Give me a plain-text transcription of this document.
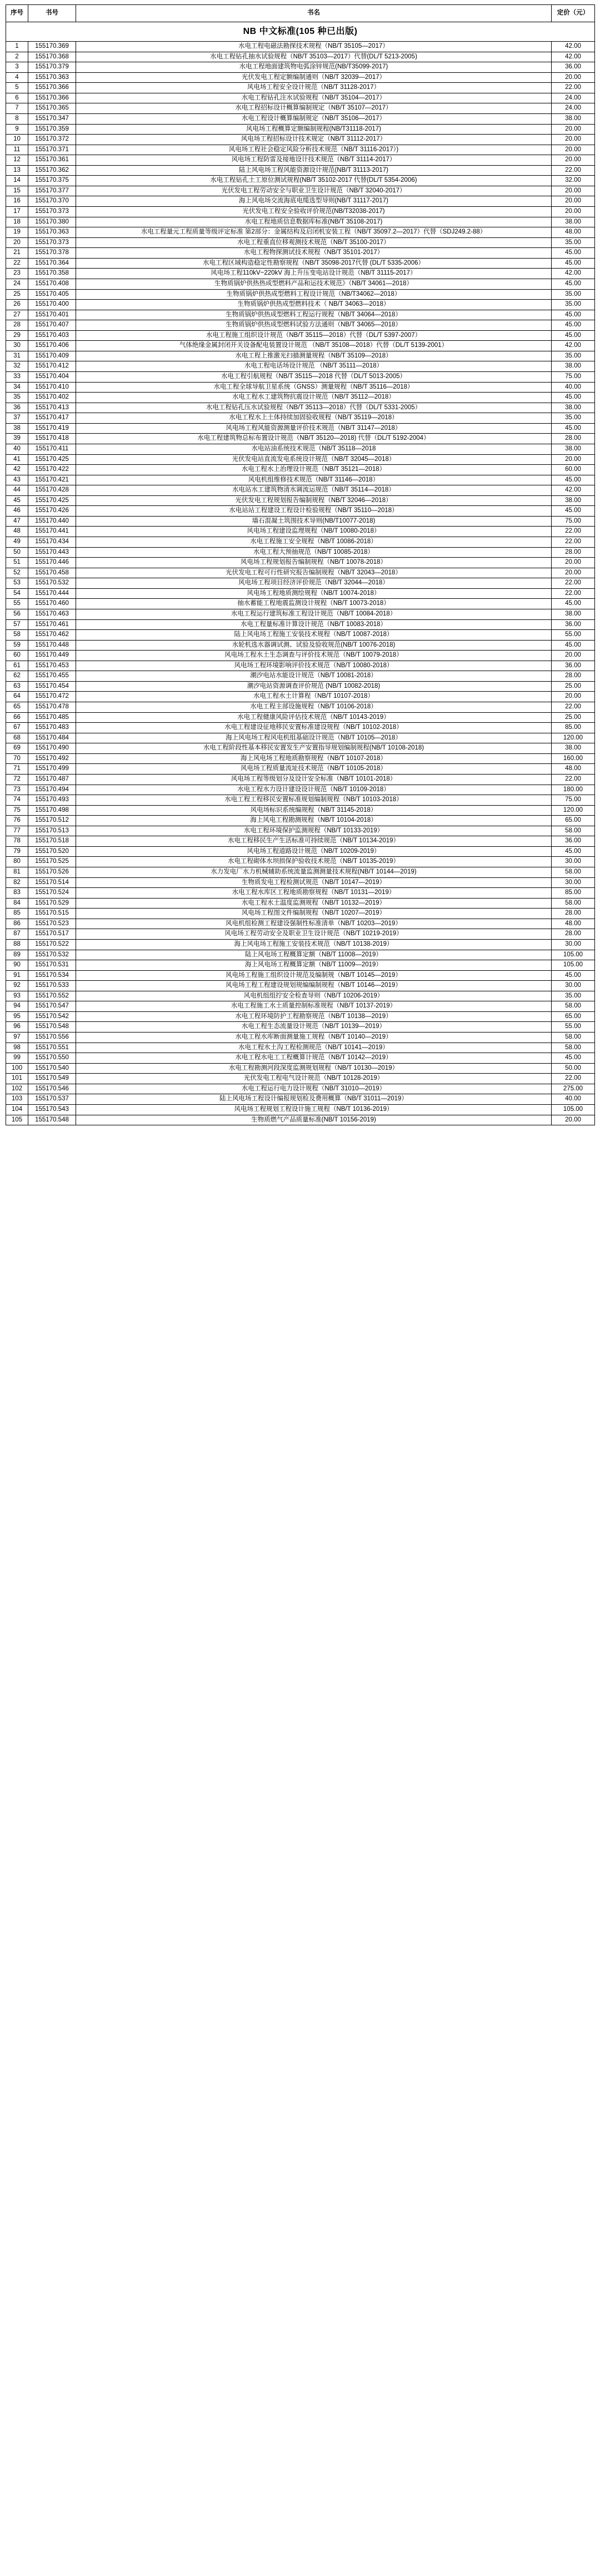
序号	书号	书名	定价（元）
NB 中文标准(105 种已出版)			
1	155170.369	水电工程电磁法勘探技术规程（NB/T 35105—2017）	42.00
2	155170.368	水电工程钻孔抽水试验规程（NB/T 35103—2017）代替(DL/T 5213-2005)	42.00
3	155170.379	水电工程地面建筑物电弧涂锌规范(NB/T35099-2017)	36.00
4	155170.363	光伏发电工程定额编制通则（NB/T 32039—2017）	20.00
5	155170.366	风电场工程安全设计规范（NB/T 31128-2017）	22.00
6	155170.366	水电工程钻孔注水试验规程（NB/T 35104—2017）	24.00
7	155170.365	水电工程招标设计概算编制规定（NB/T 35107—2017）	24.00
8	155170.347	水电工程设计概算编制规定（NB/T 35106—2017）	38.00
9	155170.359	风电场工程概算定额编制规程(NB/T31118-2017)	20.00
10	155170.372	风电场工程招标设计技术规定（NB/T 31112-2017）	20.00
11	155170.371	风电场工程社会稳定风险分析技术规范（NB/T 31116-2017）)	20.00
12	155170.361	风电场工程防雷及接地设计技术规范（NB/T 31114-2017）	20.00
13	155170.362	陆上风电场工程风能资源设计规范(NB/T 31113-2017)	22.00
14	155170.375	水电工程钻孔土工原位测试规程(NB/T 35102-2017 代替(DL/T 5354-2006)	32.00
15	155170.377	光伏发电工程劳动安全与职业卫生设计规范（NB/T 32040-2017）	20.00
16	155170.370	海上风电场交流海底电缆选型导则(NB/T 31117-2017)	20.00
17	155170.373	光伏发电工程安全验收评价规范(NB/T32038-2017)	20.00
18	155170.380	水电工程地质信息数据库标准(NB/T 35108-2017)	38.00
19	155170.363	水电工程量元工程质量等级评定标准 第2部分：金属结构及启闭机安装工程（NB/T 35097.2—2017）代替（SDJ249.2-88）	48.00
20	155170.373	水电工程重直位移观测技术规范（NB/T 35100-2017）	35.00
21	155170.378	水电工程物探测试技术规程（NB/T 35101-2017）	45.00
22	155170.364	水电工程区域构造稳定性勘察规程（NB/T 35098-2017代替 (DL/T 5335-2006）	45.00
23	155170.358	风电场工程110kV~220kV 海上升压变电站设计规范（NB/T 31115-2017）	42.00
24	155170.408	生物质锅炉供热热成型燃料产品和运技术规范》（NB/T 34061—2018）	45.00
25	155170.405	生物质锅炉供热成型燃料工程设计规范（NB/T34062—2018）	35.00
26	155170.400	生物质锅炉供热成型燃料技术（ NB/T 34063—2018）	35.00
27	155170.401	生物质锅炉供热成型燃料工程运行规程（NB/T 34064—2018）	45.00
28	155170.407	生物质锅炉供热成型燃料试验方法通则（NB/T 34065—2018）	45.00
29	155170.403	水电工程施工组织设计规范（NB/T 35115—2018）代替（DL/T 5397-2007）	45.00
30	155170.406	气体绝缘金属封闭开关设备配电装置设计规范 （NB/T 35108—2018）代替（DL/T 5139-2001）	42.00
31	155170.409	水电工程上推激光扫描测量规程（NB/T 35109—2018）	35.00
32	155170.412	水电工程电话场设计规范 （NB/T 35111—2018）	38.00
33	155170.404	水电工程引航规程（NB/T 35115—2018 代替（DL/T 5013-2005）	75.00
34	155170.410	水电工程全球导航卫星系统（GNSS）测量规程（NB/T 35116—2018）	40.00
35	155170.402	水电工程水工建筑物抗震设计规范（NB/T 35112—2018）	45.00
36	155170.413	水电工程钻孔压水试验规程（NB/T 35113—2018）代替（DL/T 5331-2005）	38.00
37	155170.417	水电工程水上土体持续加固验收规程（NB/T 35119—2018）	35.00
38	155170.419	风电场工程风能资源测量评价技术规范（NB/T 31147—2018）	45.00
39	155170.418	水电工程建筑物总标布置设计规范（NB/T 35120—2018) 代替（DL/T 5192-2004）	28.00
40	155170.411	水电站油系统技术规范（NB/T 35118—2018	38.00
41	155170.425	光伏发电站直流发电系统设计规范（NB/T 32045—2018）	20.00
42	155170.422	水电工程水上治理设计规范（NB/T 35121—2018）	60.00
43	155170.421	风电机组维修技术规范（NB/T 31146—2018）	45.00
44	155170.428	水电站水工建筑物清水调流运规范（NB/T 35114—2018）	42.00
45	155170.425	光伏发电工程规划报告编制规程（NB/T 32046—2018）	38.00
46	155170.426	水电站站工程建设工程设计检验规程（NB/T 35110—2018）	45.00
47	155170.440	墙石混凝土筑围技术导则(NB/T10077-2018)	75.00
48	155170.441	风电场工程建设监理规程（NB/T 10080-2018）	22.00
49	155170.434	水电工程施工安全规程（NB/T 10086-2018）	22.00
50	155170.443	水电工程大预抽规范（NB/T 10085-2018）	28.00
51	155170.446	风电场工程规划报告编制规程（NB/T 10078-2018）	20.00
52	155170.458	光伏发电工程可行性研究报告编制规程（NB/T 32043—2018）	20.00
53	155170.532	风电场工程项目经济评价规范（NB/T 32044—2018）	22.00
54	155170.444	风电场工程地质测绘规程（NB/T 10074-2018）	22.00
55	155170.460	抽水蓄能工程地震监测设计规程（NB/T 10073-2018）	45.00
56	155170.463	水电工程运行建筑标准工程设计规范（NB/T 10084-2018）	38.00
57	155170.461	水电工程量标准计算设计规范（NB/T 10083-2018）	36.00
58	155170.462	陆上风电场工程施工安装技术规程（NB/T 10087-2018）	55.00
59	155170.448	水轮机选水器调试测、试验及验收规范(NB/T 10076-2018)	45.00
60	155170.449	风电场工程水土生态调查与评价技术规范（NB/T 10079-2018）	20.00
61	155170.453	风电场工程环境影响评价技术规范（NB/T 10080-2018）	36.00
62	155170.455	潮汐电站水能设计规范（NB/T 10081-2018）	28.00
63	155170.454	潮汐电站资源调查评价规范 (NB/T 10082-2018)	25.00
64	155170.472	水电工程水土计算程（NB/T 10107-2018）	20.00
65	155170.478	水电工程主部设施规程（NB/T 10106-2018）	22.00
66	155170.485	水电工程健康风险评估技术规范（NB/T 10143-2019）	25.00
67	155170.483	水电工程建设征地移民安置标准建设规程（NB/T 10102-2018）	85.00
68	155170.484	海上风电场工程风电机组基础设计规范（NB/T 10105—2018）	120.00
69	155170.490	水电工程阶段性基本移民安置发生产安置指导规划编制规程(NB/T 10108-2018)	38.00
70	155170.492	海上风电场工程地质勘察规程（NB/T 10107-2018）	160.00
71	155170.499	风电场工程质量流址技术规范（NB/T 10105-2018）	48.00
72	155170.487	风电场工程等级划分及设计安全标准（NB/T 10101-2018）	22.00
73	155170.494	水电工程水力设计建设设计规范（NB/T 10109-2018）	180.00
74	155170.493	水电工程工程移民安置标准规划编制规程（NB/T 10103-2018）	75.00
75	155170.498	风电场标识系统编规程（NB/T 31145-2018）	120.00
76	155170.512	海上风电工程勘测规程（NB/T 10104-2018）	65.00
77	155170.513	水电工程环境保护监测规程（NB/T 10133-2019）	58.00
78	155170.518	水电工程移民生产生活标准可持续规范（NB/T 10134-2019）	36.00
79	155170.520	风电场工程道路设计规范（NB/T 10209-2019）	45.00
80	155170.525	水电工程砌体水坝损保护验收技术规范（NB/T 10135-2019）	30.00
81	155170.526	水力发电厂水力机械辅助系统流量监测测量技术规程(NB/T 10144—2019)	58.00
82	155170.514	生物质发电工程检测试规范（NB/T 10147—2019）	30.00
83	155170.524	水电工程水库区工程地质勘察规程（NB/T 10131—2019）	85.00
84	155170.529	水电工程水土温度监测规程（NB/T 10132—2019）	58.00
85	155170.515	风电场工程图文件编制规程（NB/T 10207—2019）	28.00
86	155170.523	风电机组检测工程建设强制性标准清单（NB/T 10203—2019）	48.00
87	155170.517	风电场工程劳动安全及职业卫生设计规范（NB/T 10219-2019）	28.00
88	155170.522	海上风电场工程施工安装技术规范（NB/T 10138-2019）	30.00
89	155170.532	陆上风电场工程概算定额（NB/T 11008—2019）	105.00
90	155170.531	海上风电场工程概算定额（NB/T 11009—2019）	105.00
91	155170.534	风电场工程施工组织设计规范及编制规（NB/T 10145—2019）	45.00
92	155170.533	风电场工程工程建设规划规编编制规程（NB/T 10146—2019）	30.00
93	155170.552	风电机组组拧安全检查导则（NB/T 10206-2019）	35.00
94	155170.547	水电工程施工水土质量控制标准规程（NB/T 10137-2019）	58.00
95	155170.542	水电工程环境防护工程勘察规范（NB/T 10138—2019）	65.00
96	155170.548	水电工程生态流量设计规范（NB/T 10139—2019）	55.00
97	155170.556	水电工程水库断面测量施工规程（NB/T 10140—2019）	58.00
98	155170.551	水电工程水土沟工程检测规范（NB/T 10141—2019）	58.00
99	155170.550	水电工程水电工工程概算计规范（NB/T 10142—2019）	45.00
100	155170.540	水电工程勘测河段深度监测规划规程（NB/T 10130—2019）	50.00
101	155170.549	光伏发电工程电气设计规范（NB/T 10128-2019）	22.00
102	155170.546	水电工程运行电力设计规程（NB/T 31010—2019）	275.00
103	155170.537	陆上风电场工程设计编报规划检及费用概算（NB/T 31011—2019）	40.00
104	155170.543	风电场工程规划工程设计施工规程（NB/T 10136-2019）	105.00
105	155170.548	生物质燃气产品质量标准(NB/T 10156-2019)	20.00
